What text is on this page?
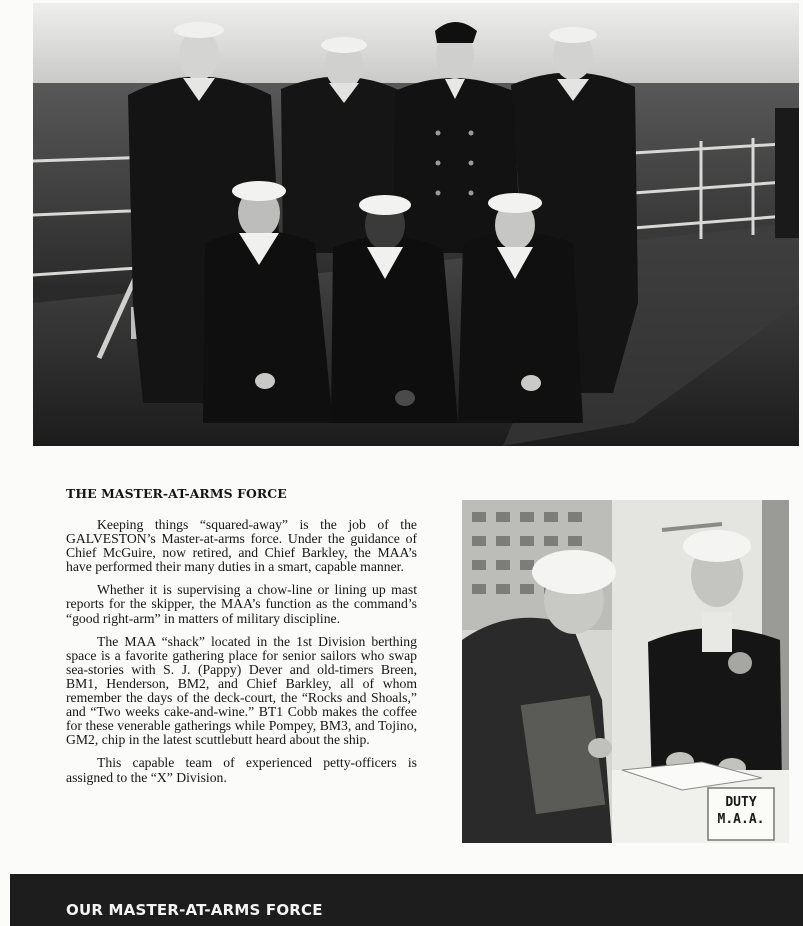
THE MASTER-AT-ARMS FORCE

Keeping things “squared-away” is the job of the GALVESTON’s Master-at-arms force. Under the guidance of Chief McGuire, now retired, and Chief Barkley, the MAA’s have performed their many duties in a smart, capable manner.

Whether it is supervising a chow-line or lining up mast reports for the skipper, the MAA’s function as the command’s “good right-arm” in matters of military discipline.

The MAA “shack” located in the 1st Division berthing space is a favorite gathering place for senior sailors who swap sea-stories with S. J. (Pappy) Dever and old-timers Breen, BM1, Henderson, BM2, and Chief Barkley, all of whom remember the days of the deck-court, the “Rocks and Shoals,” and “Two weeks cake-and-wine.” BT1 Cobb makes the coffee for these venerable gatherings while Pompey, BM3, and Tojino, GM2, chip in the latest scuttlebutt heard about the ship.

This capable team of experienced petty-officers is assigned to the “X” Division.

DUTY M.A.A.
OUR MASTER-AT-ARMS FORCE
